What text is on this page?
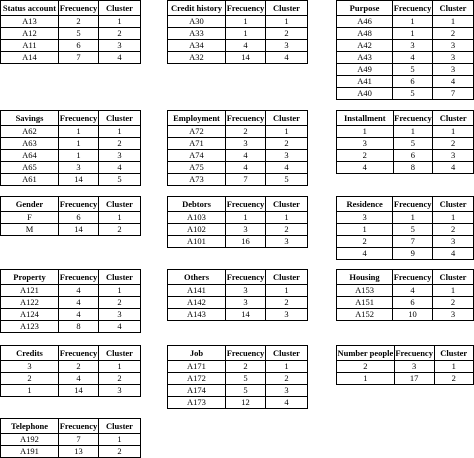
Status account	Frecuency	Cluster
A13	2	1
A12	5	2
A11	6	3
A14	7	4
Credit history	Frecuency	Cluster
A30	1	1
A33	1	2
A34	4	3
A32	14	4
Purpose	Frecuency	Cluster
A46	1	1
A48	1	2
A42	3	3
A43	4	3
A49	5	3
A41	6	4
A40	5	7
Savings	Frecuency	Cluster
A62	1	1
A63	1	2
A64	1	3
A65	3	4
A61	14	5
Employment	Frecuency	Cluster
A72	2	1
A71	3	2
A74	4	3
A75	4	4
A73	7	5
Installment	Frecuency	Cluster
1	1	1
3	5	2
2	6	3
4	8	4
Gender	Frecuency	Cluster
F	6	1
M	14	2
Debtors	Frecuency	Cluster
A103	1	1
A102	3	2
A101	16	3
Residence	Frecuency	Cluster
3	1	1
1	5	2
2	7	3
4	9	4
Property	Frecuency	Cluster
A121	4	1
A122	4	2
A124	4	3
A123	8	4
Others	Frecuency	Cluster
A141	3	1
A142	3	2
A143	14	3
Housing	Frecuency	Cluster
A153	4	1
A151	6	2
A152	10	3
Credits	Frecuency	Cluster
3	2	1
2	4	2
1	14	3
Job	Frecuency	Cluster
A171	2	1
A172	5	2
A174	5	3
A173	12	4
Number people	Frecuency	Cluster
2	3	1
1	17	2
Telephone	Frecuency	Cluster
A192	7	1
A191	13	2
